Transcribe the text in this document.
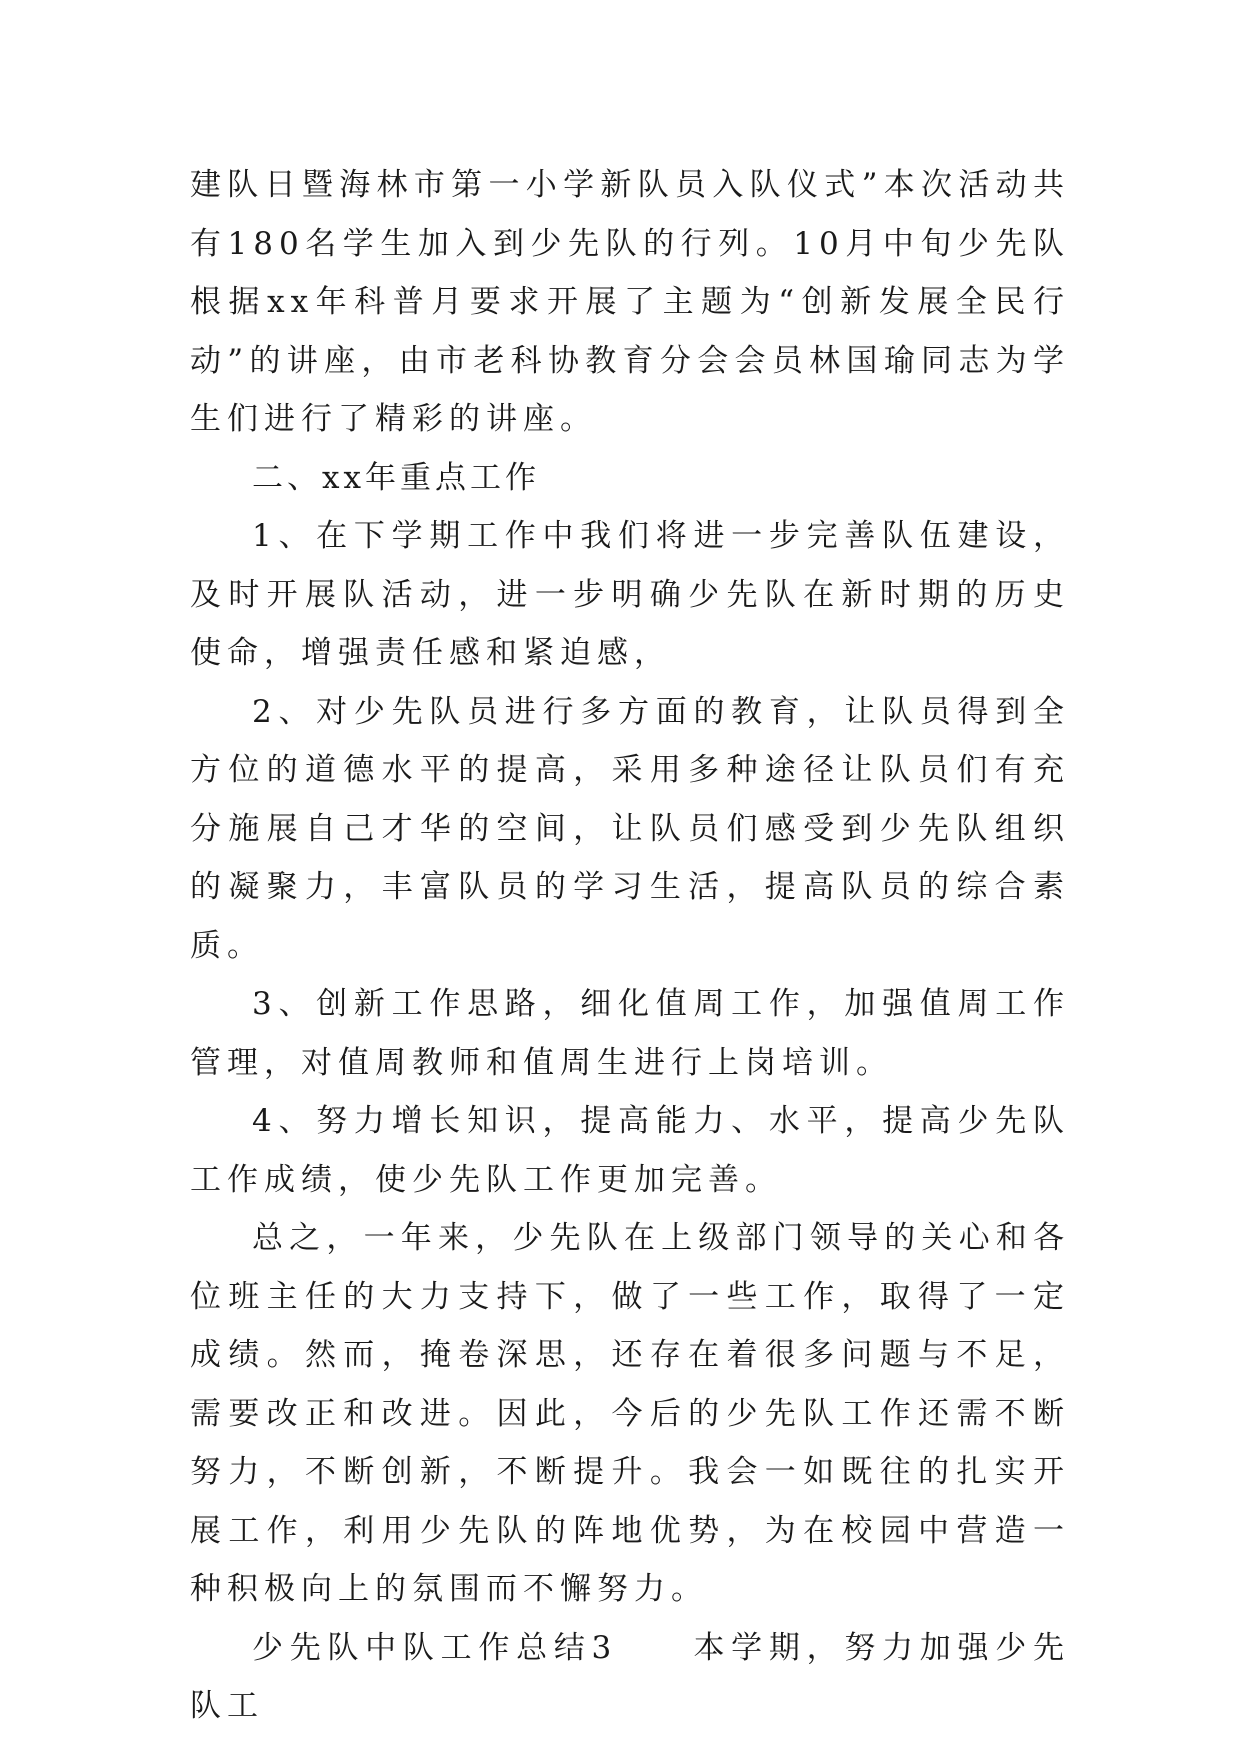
建队日暨海林市第一小学新队员入队仪式”本次活动共有180名学生加入到少先队的行列。10月中旬少先队根据xx年科普月要求开展了主题为“创新发展全民行动”的讲座，由市老科协教育分会会员林国瑜同志为学生们进行了精彩的讲座。

二、xx年重点工作

1、在下学期工作中我们将进一步完善队伍建设，及时开展队活动，进一步明确少先队在新时期的历史使命，增强责任感和紧迫感，

2、对少先队员进行多方面的教育，让队员得到全方位的道德水平的提高，采用多种途径让队员们有充分施展自己才华的空间，让队员们感受到少先队组织的凝聚力，丰富队员的学习生活，提高队员的综合素质。

3、创新工作思路，细化值周工作，加强值周工作管理，对值周教师和值周生进行上岗培训。

4、努力增长知识，提高能力、水平，提高少先队工作成绩，使少先队工作更加完善。

总之，一年来，少先队在上级部门领导的关心和各位班主任的大力支持下，做了一些工作，取得了一定成绩。然而，掩卷深思，还存在着很多问题与不足，需要改正和改进。因此，今后的少先队工作还需不断努力，不断创新，不断提升。我会一如既往的扎实开展工作，利用少先队的阵地优势，为在校园中营造一种积极向上的氛围而不懈努力。

少先队中队工作总结3　　本学期，努力加强少先队工
